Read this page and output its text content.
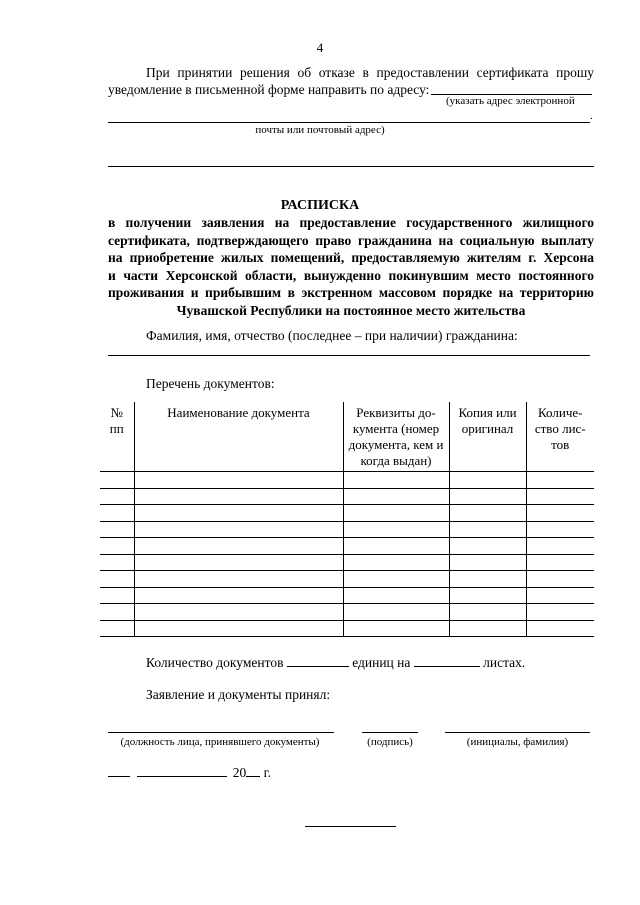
4
При принятии решения об отказе в предоставлении сертификата прошу
уведомление в письменной форме направить по адресу:
(указать адрес электронной
.
почты или почтовый адрес)
РАСПИСКА
в получении заявления на предоставление государственного жилищного
сертификата, подтверждающего право гражданина на социальную выплату
на приобретение жилых помещений, предоставляемую жителям г. Херсона
и части Херсонской области, вынужденно покинувшим место постоянного
проживания и прибывшим в экстренном массовом порядке на территорию
Чувашской Республики на постоянное место жительства
Фамилия, имя, отчество (последнее – при наличии) гражданина:
Перечень документов:
№ пп	Наименование документа	Реквизиты до-кумента (номер документа, кем и когда выдан)	Копия или оригинал	Количе-ство лис-тов

Количество документов	единиц на	листах.
Заявление и документы принял:
(должность лица, принявшего документы)	(подпись)	(инициалы, фамилия)
20 г.
